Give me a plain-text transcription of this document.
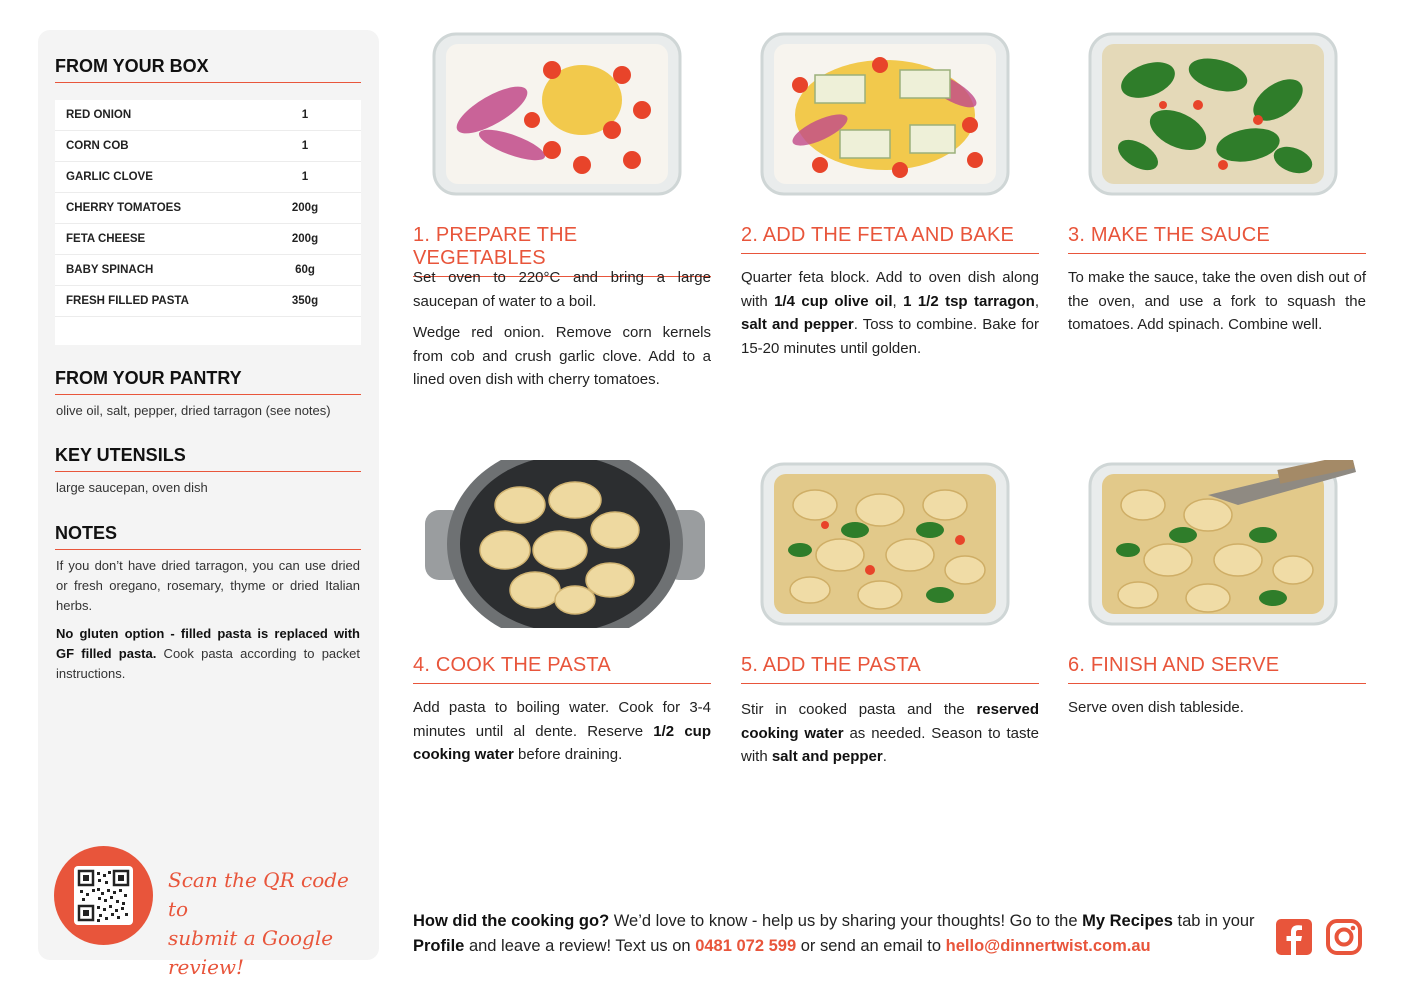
FROM YOUR BOX
RED ONION	1
CORN COB	1
GARLIC CLOVE	1
CHERRY TOMATOES	200g
FETA CHEESE	200g
BABY SPINACH	60g
FRESH FILLED PASTA	350g
FROM YOUR PANTRY
olive oil, salt, pepper, dried tarragon (see notes)
KEY UTENSILS
large saucepan, oven dish
NOTES

If you don’t have dried tarragon, you can use dried or fresh oregano, rosemary, thyme or dried Italian herbs.

No gluten option - filled pasta is replaced with GF filled pasta. Cook pasta according to packet instructions.

Scan the QR code to
submit a Google review!
1. PREPARE THE VEGETABLES

Set oven to 220°C and bring a large saucepan of water to a boil.

Wedge red onion. Remove corn kernels from cob and crush garlic clove. Add to a lined oven dish with cherry tomatoes.

2. ADD THE FETA AND BAKE

Quarter feta block. Add to oven dish along with 1/4 cup olive oil, 1 1/2 tsp tarragon, salt and pepper. Toss to combine. Bake for 15-20 minutes until golden.

3. MAKE THE SAUCE

To make the sauce, take the oven dish out of the oven, and use a fork to squash the tomatoes. Add spinach. Combine well.

4. COOK THE PASTA

Add pasta to boiling water. Cook for 3-4 minutes until al dente. Reserve 1/2 cup cooking water before draining.

5. ADD THE PASTA

Stir in cooked pasta and the reserved cooking water as needed. Season to taste with salt and pepper.

6. FINISH AND SERVE

Serve oven dish tableside.

How did the cooking go? We’d love to know - help us by sharing your thoughts! Go to the My Recipes tab in your Profile and leave a review! Text us on 0481 072 599 or send an email to hello@dinnertwist.com.au
